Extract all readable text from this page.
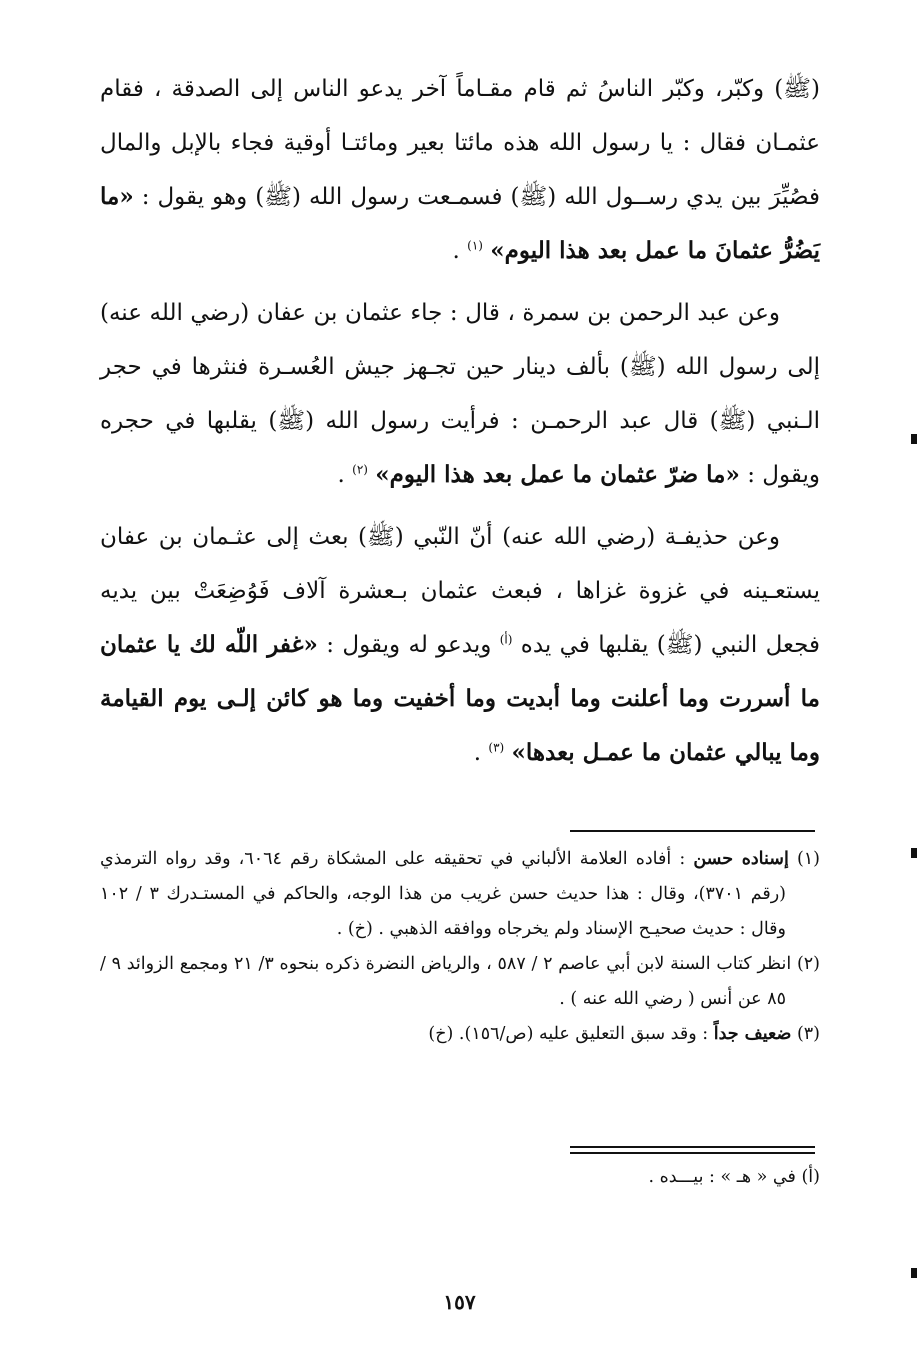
(ﷺ) وكبّر، وكبّر الناسُ ثم قام مقـاماً آخر يدعو الناس إلى الصدقة ، فقام عثمـان فقال : يا رسول الله هذه مائتا بعير ومائتـا أوقية فجاء بالإبل والمال فصُيِّرَ بين يدي رســول الله (ﷺ) فسمـعت رسول الله (ﷺ) وهو يقول : «ما يَضُرُّ عثمانَ ما عمل بعد هذا اليوم» $^{(١)}$ .

وعن عبد الرحمن بن سمرة ، قال : جاء عثمان بن عفان (رضي الله عنه) إلى رسول الله (ﷺ) بألف دينار حين تجـهز جيش العُسـرة فنثرها في حجر الـنبي (ﷺ) قال عبد الرحمـن : فرأيت رسول الله (ﷺ) يقلبها في حجره ويقول : «ما ضرّ عثمان ما عمل بعد هذا اليوم» $^{(٢)}$ .

وعن حذيفـة (رضي الله عنه) أنّ النّبي (ﷺ) بعث إلى عثـمان بن عفان يستعـينه في غزوة غزاها ، فبعث عثمان بـعشرة آلاف فَوُضِعَتْ بين يديه فجعل النبي (ﷺ) يقلبها في يده $^{(أ)}$ ويدعو له ويقول : «غفر اللّه لك يا عثمان ما أسررت وما أعلنت وما أبديت وما أخفيت وما هو كائن إلـى يوم القيامة وما يبالي عثمان ما عمـل بعدها» $^{(٣)}$ .

(١) إسناده حسن : أفاده العلامة الألباني في تحقيقه على المشكاة رقم ٦٠٦٤، وقد رواه الترمذي (رقم ٣٧٠١)، وقال : هذا حديث حسن غريب من هذا الوجه، والحاكم في المستـدرك ٣ / ١٠٢ وقال : حديث صحيـح الإسناد ولم يخرجاه ووافقه الذهبي . (خ) .

(٢) انظر كتاب السنة لابن أبي عاصم ٢ / ٥٨٧ ، والرياض النضرة ذكره بنحوه ٣/ ٢١ ومجمع الزوائد ٩ / ٨٥ عن أنس ( رضي الله عنه ) .

(٣) ضعيف جداً : وقد سبق التعليق عليه (ص/١٥٦). (خ)

(أ) في « هـ » : بيـــده .
١٥٧
